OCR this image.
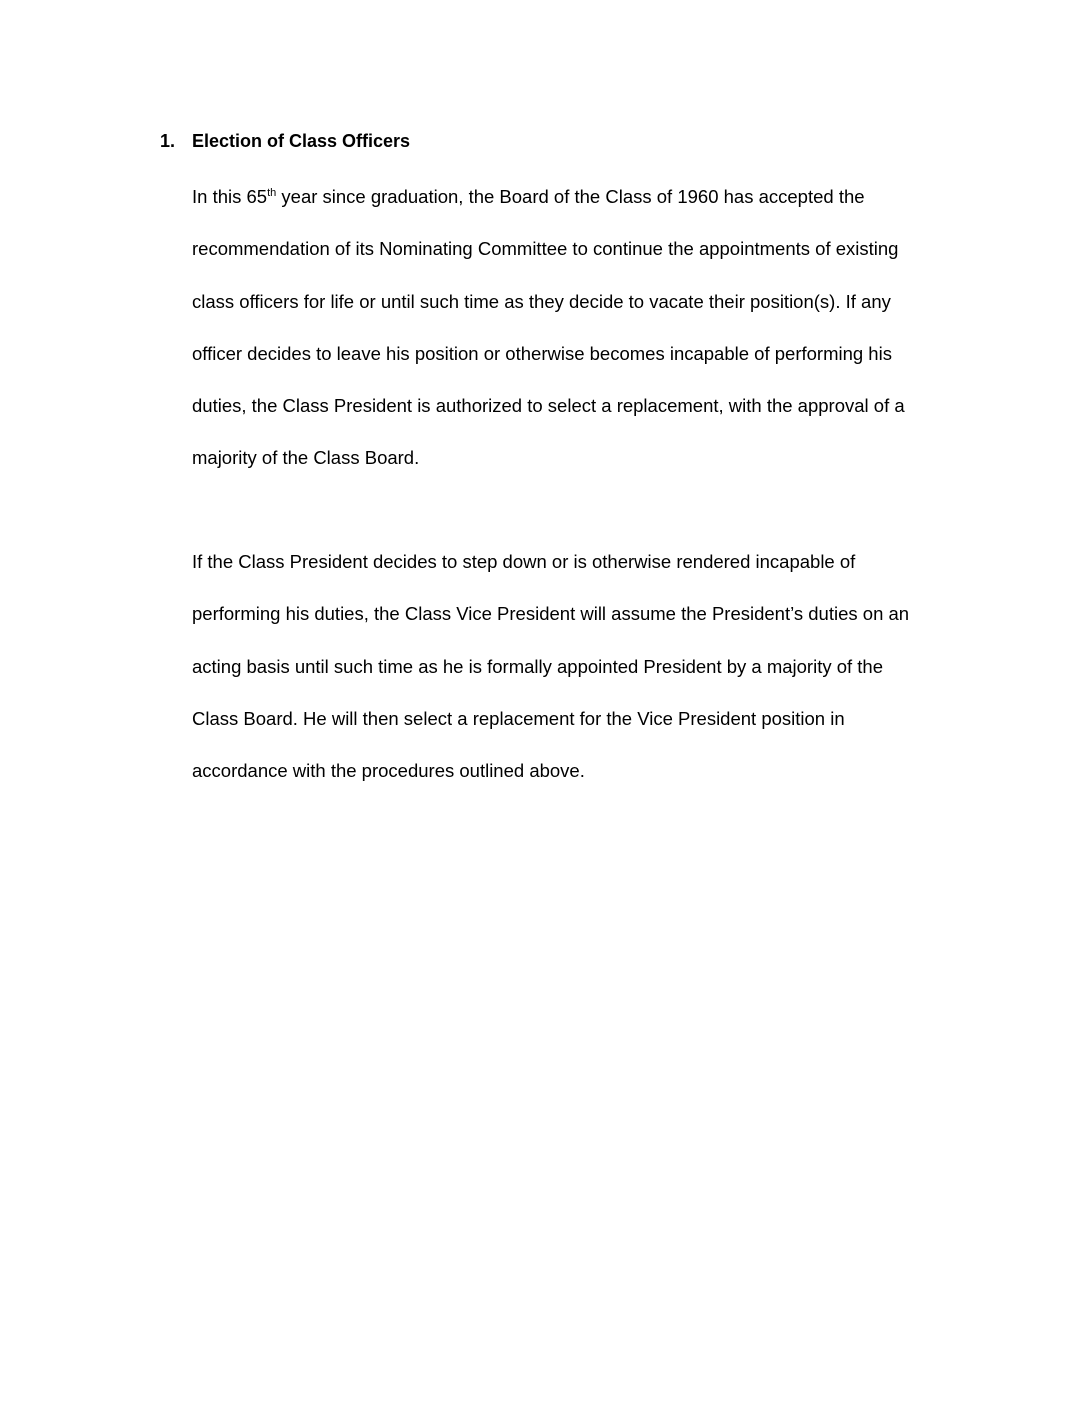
1. Election of Class Officers
In this 65th year since graduation, the Board of the Class of 1960 has accepted the
recommendation of its Nominating Committee to continue the appointments of existing
class officers for life or until such time as they decide to vacate their position(s). If any
officer decides to leave his position or otherwise becomes incapable of performing his
duties, the Class President is authorized to select a replacement, with the approval of a
majority of the Class Board.
If the Class President decides to step down or is otherwise rendered incapable of
performing his duties, the Class Vice President will assume the President’s duties on an
acting basis until such time as he is formally appointed President by a majority of the
Class Board. He will then select a replacement for the Vice President position in
accordance with the procedures outlined above.
